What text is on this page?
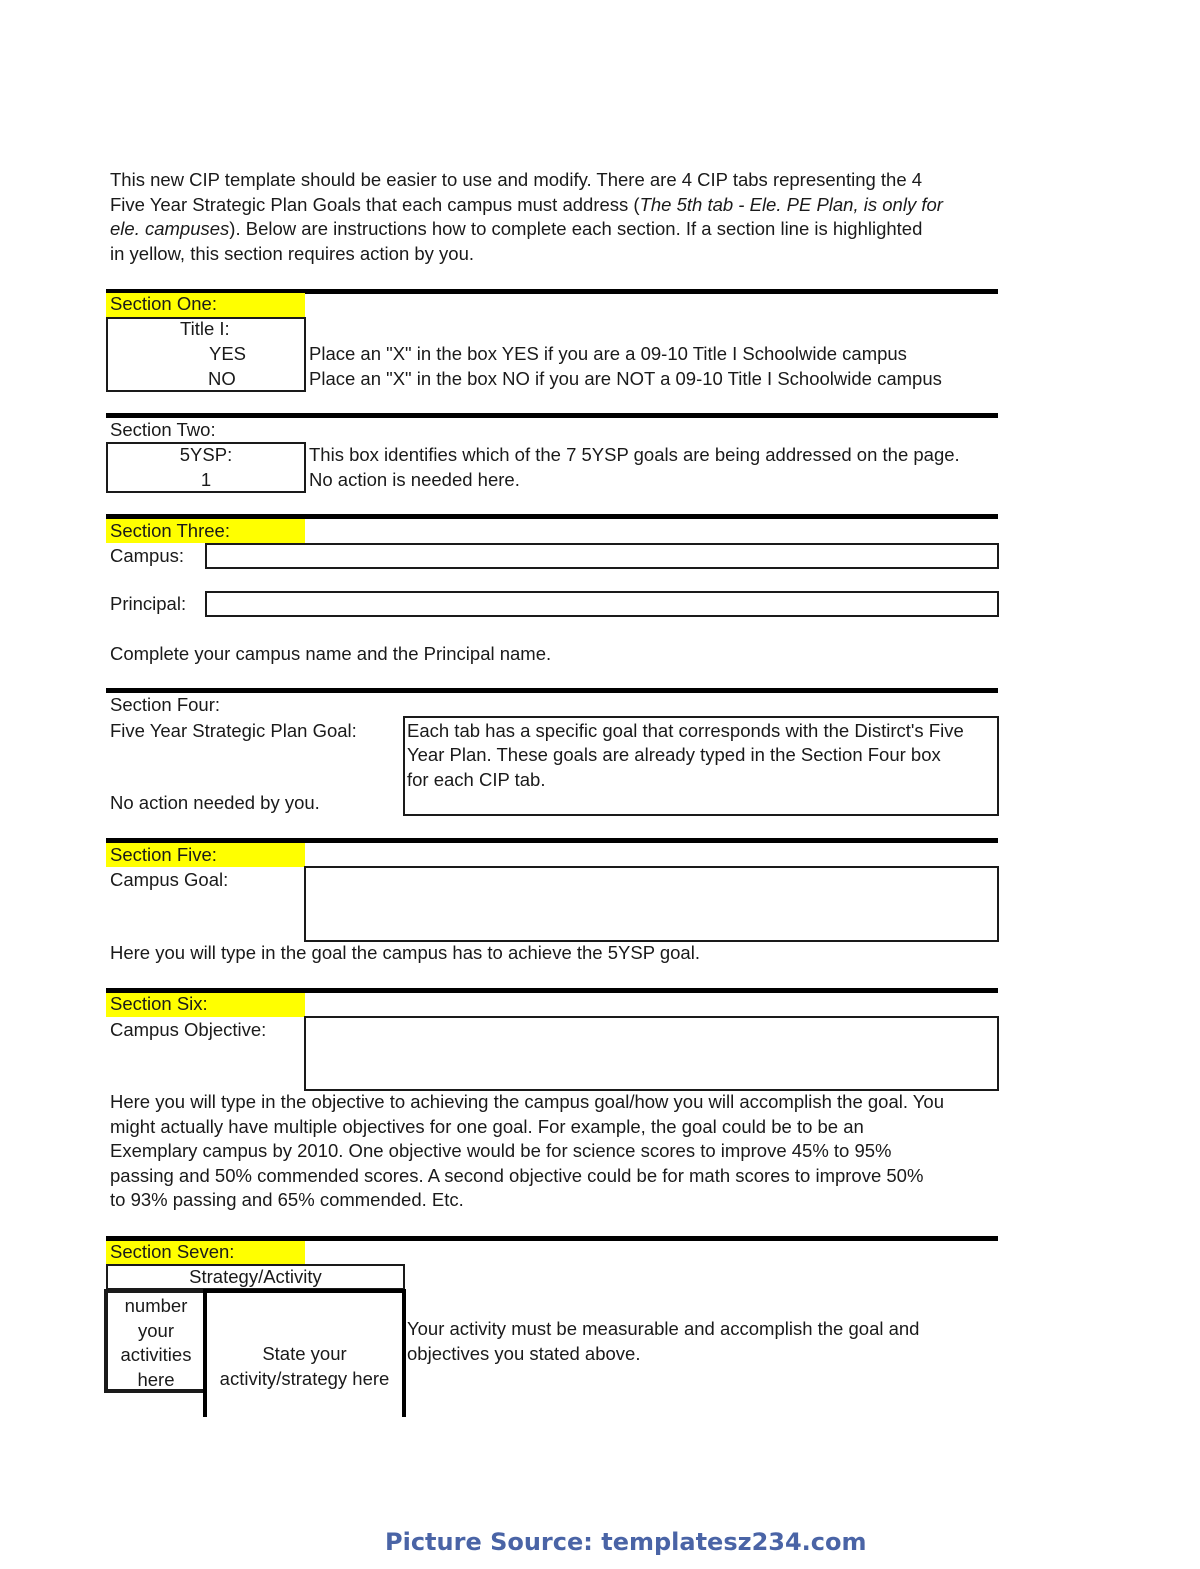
This new CIP template should be easier to use and modify. There are 4 CIP tabs representing the 4

Five Year Strategic Plan Goals that each campus must address (The 5th tab - Ele. PE Plan, is only for

ele. campuses). Below are instructions how to complete each section. If a section line is highlighted

in yellow, this section requires action by you.

Section One:
Title I:
YES
NO
Place an "X" in the box YES if you are a 09-10 Title I Schoolwide campus
Place an "X" in the box NO if you are NOT a 09-10 Title I Schoolwide campus
Section Two:
5YSP:
1
This box identifies which of the 7 5YSP goals are being addressed on the page.
No action is needed here.
Section Three:
Campus:
Principal:
Complete your campus name and the Principal name.
Section Four:
Five Year Strategic Plan Goal:	Each tab has a specific goal that corresponds with the Distirct's Five
Year Plan. These goals are already typed in the Section Four box
for each CIP tab.
No action needed by you.
Section Five:
Campus Goal:
Here you will type in the goal the campus has to achieve the 5YSP goal.
Section Six:
Campus Objective:
Here you will type in the objective to achieving the campus goal/how you will accomplish the goal. You
might actually have multiple objectives for one goal. For example, the goal could be to be an
Exemplary campus by 2010. One objective would be for science scores to improve 45% to 95%
passing and 50% commended scores. A second objective could be for math scores to improve 50%
to 93% passing and 65% commended. Etc.
Section Seven:
Strategy/Activity
number
your
activities
here
State your
activity/strategy here
Your activity must be measurable and accomplish the goal and
objectives you stated above.
Picture Source: templatesz234.com
